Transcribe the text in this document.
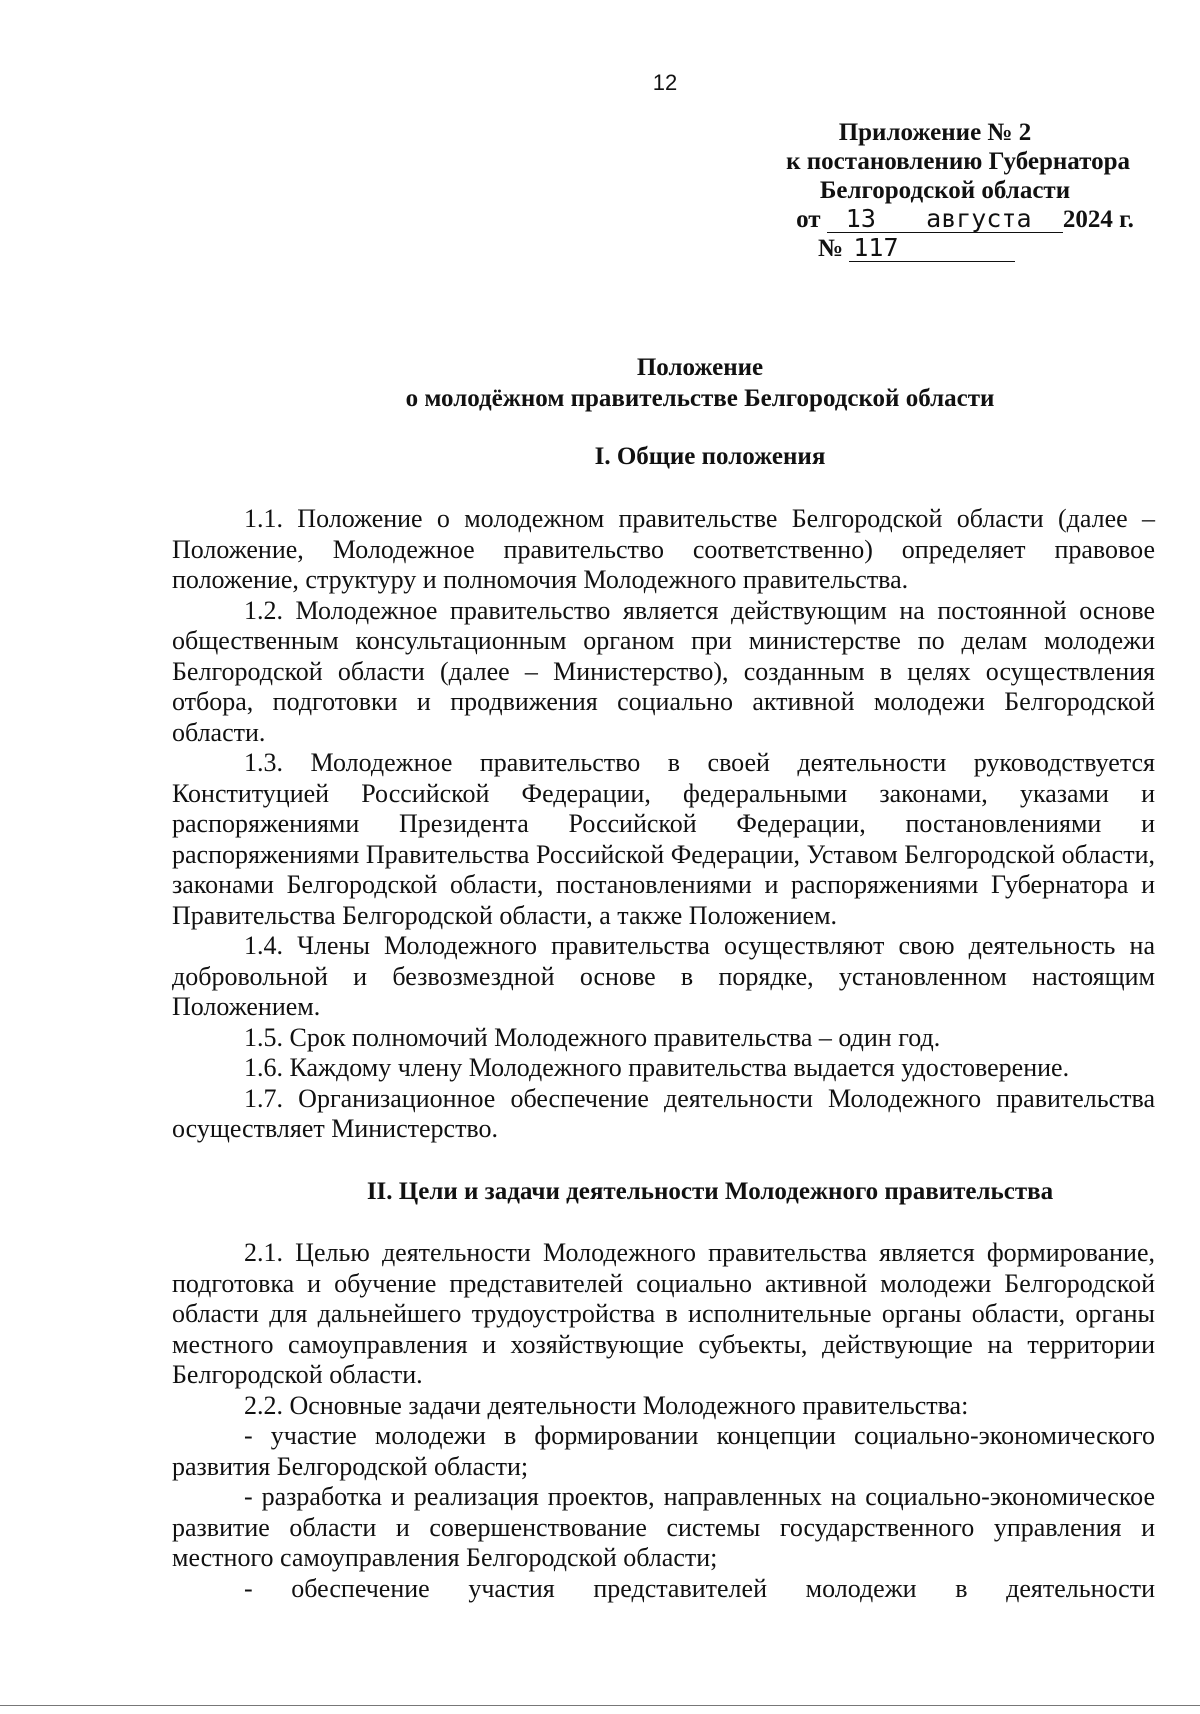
12
Приложение № 2
к постановлению Губернатора
Белгородской области
от 13 августа 2024 г.
№ 117
Положение
о молодёжном правительстве Белгородской области
I. Общие положения

1.1. Положение о молодежном правительстве Белгородской области (далее – Положение, Молодежное правительство соответственно) определяет правовое положение, структуру и полномочия Молодежного правительства.

1.2. Молодежное правительство является действующим на постоянной основе общественным консультационным органом при министерстве по делам молодежи Белгородской области (далее – Министерство), созданным в целях осуществления отбора, подготовки и продвижения социально активной молодежи Белгородской области.

1.3. Молодежное правительство в своей деятельности руководствуется Конституцией Российской Федерации, федеральными законами, указами и распоряжениями Президента Российской Федерации, постановлениями и распоряжениями Правительства Российской Федерации, Уставом Белгородской области, законами Белгородской области, постановлениями и распоряжениями Губернатора и Правительства Белгородской области, а также Положением.

1.4. Члены Молодежного правительства осуществляют свою деятельность на добровольной и безвозмездной основе в порядке, установленном настоящим Положением.

1.5. Срок полномочий Молодежного правительства – один год.

1.6. Каждому члену Молодежного правительства выдается удостоверение.

1.7. Организационное обеспечение деятельности Молодежного правительства осуществляет Министерство.

II. Цели и задачи деятельности Молодежного правительства

2.1. Целью деятельности Молодежного правительства является формирование, подготовка и обучение представителей социально активной молодежи Белгородской области для дальнейшего трудоустройства в исполнительные органы области, органы местного самоуправления и хозяйствующие субъекты, действующие на территории Белгородской области.

2.2. Основные задачи деятельности Молодежного правительства:

- участие молодежи в формировании концепции социально-экономического развития Белгородской области;

- разработка и реализация проектов, направленных на социально-экономическое развитие области и совершенствование системы государственного управления и местного самоуправления Белгородской области;

- обеспечение участия представителей молодежи в деятельности
